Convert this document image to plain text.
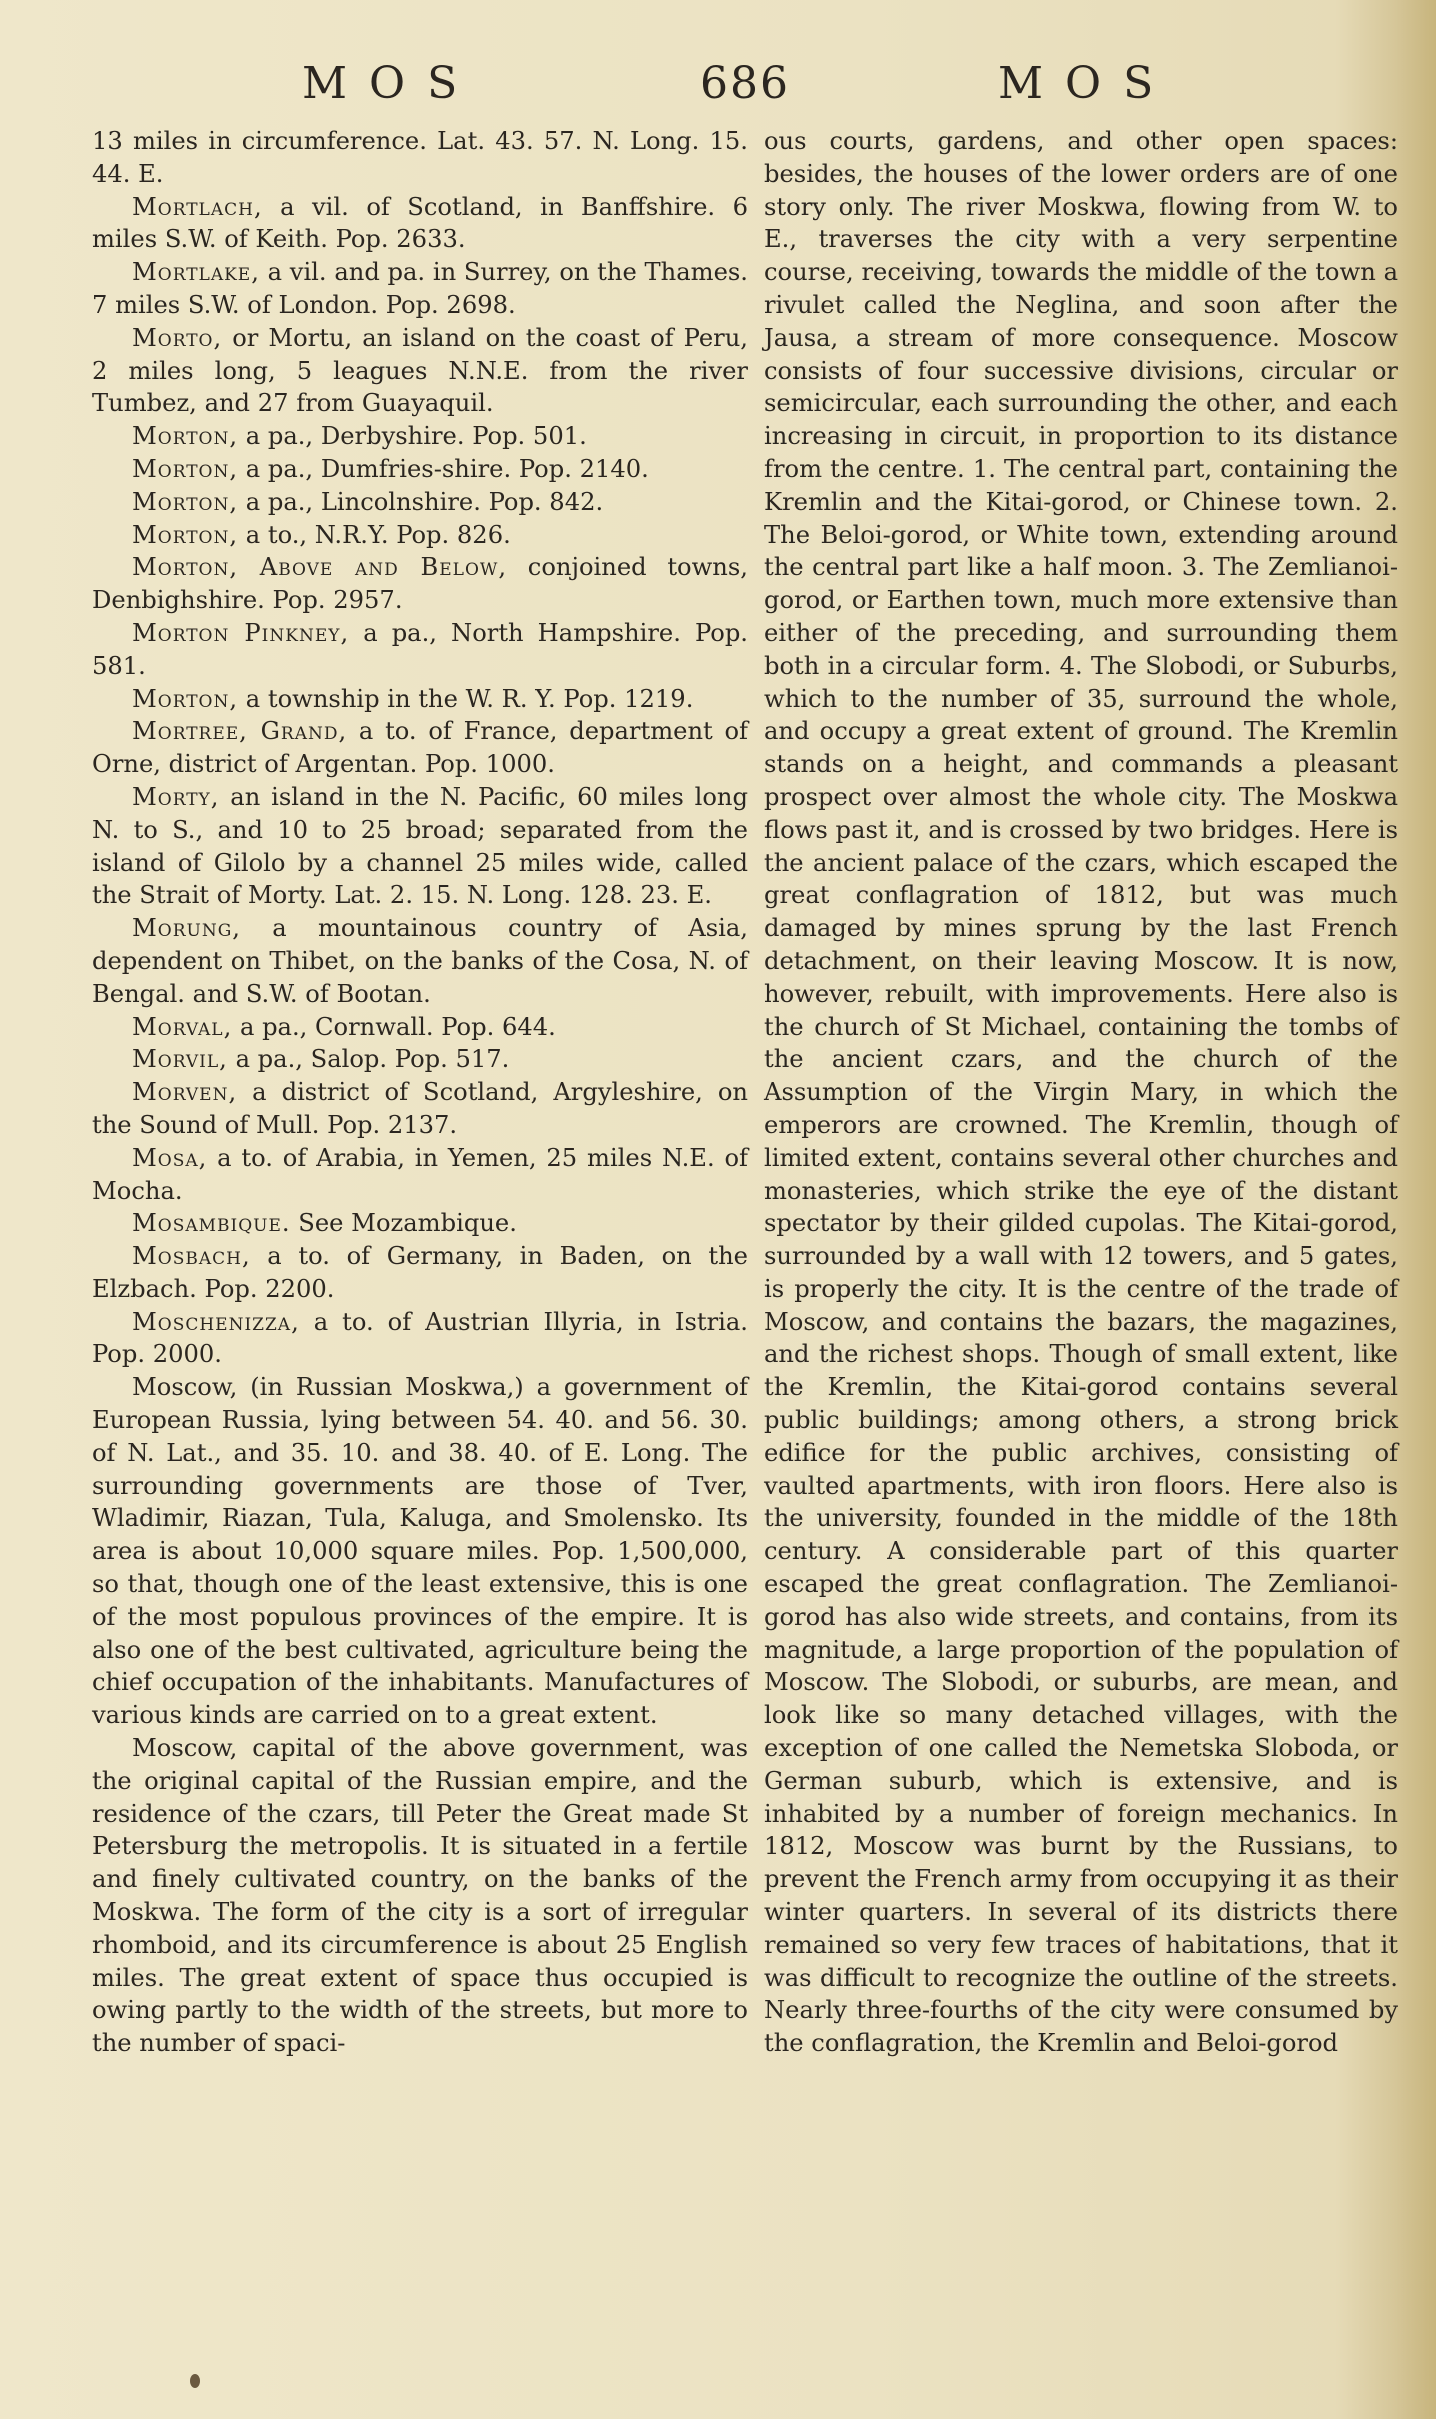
MOS	686	MOS

13 miles in circumference. Lat. 43. 57. N. Long. 15. 44. E.

Mortlach, a vil. of Scotland, in Banffshire. 6 miles S.W. of Keith. Pop. 2633.

Mortlake, a vil. and pa. in Surrey, on the Thames. 7 miles S.W. of London. Pop. 2698.

Morto, or Mortu, an island on the coast of Peru, 2 miles long, 5 leagues N.N.E. from the river Tumbez, and 27 from Guayaquil.

Morton, a pa., Derbyshire. Pop. 501.

Morton, a pa., Dumfries-shire. Pop. 2140.

Morton, a pa., Lincolnshire. Pop. 842.

Morton, a to., N.R.Y. Pop. 826.

Morton, Above and Below, conjoined towns, Denbighshire. Pop. 2957.

Morton Pinkney, a pa., North Hampshire. Pop. 581.

Morton, a township in the W. R. Y. Pop. 1219.

Mortree, Grand, a to. of France, department of Orne, district of Argentan. Pop. 1000.

Morty, an island in the N. Pacific, 60 miles long N. to S., and 10 to 25 broad; separated from the island of Gilolo by a channel 25 miles wide, called the Strait of Morty. Lat. 2. 15. N. Long. 128. 23. E.

Morung, a mountainous country of Asia, dependent on Thibet, on the banks of the Cosa, N. of Bengal. and S.W. of Bootan.

Morval, a pa., Cornwall. Pop. 644.

Morvil, a pa., Salop. Pop. 517.

Morven, a district of Scotland, Argyleshire, on the Sound of Mull. Pop. 2137.

Mosa, a to. of Arabia, in Yemen, 25 miles N.E. of Mocha.

Mosambique. See Mozambique.

Mosbach, a to. of Germany, in Baden, on the Elzbach. Pop. 2200.

Moschenizza, a to. of Austrian Illyria, in Istria. Pop. 2000.

Moscow, (in Russian Moskwa,) a government of European Russia, lying between 54. 40. and 56. 30. of N. Lat., and 35. 10. and 38. 40. of E. Long. The surrounding governments are those of Tver, Wladimir, Riazan, Tula, Kaluga, and Smolensko. Its area is about 10,000 square miles. Pop. 1,500,000, so that, though one of the least extensive, this is one of the most populous provinces of the empire. It is also one of the best cultivated, agriculture being the chief occupation of the inhabitants. Manufactures of various kinds are carried on to a great extent.

Moscow, capital of the above government, was the original capital of the Russian empire, and the residence of the czars, till Peter the Great made St Petersburg the metropolis. It is situated in a fertile and finely cultivated country, on the banks of the Moskwa. The form of the city is a sort of irregular rhomboid, and its circumference is about 25 English miles. The great extent of space thus occupied is owing partly to the width of the streets, but more to the number of spaci-

ous courts, gardens, and other open spaces: besides, the houses of the lower orders are of one story only. The river Moskwa, flowing from W. to E., traverses the city with a very serpentine course, receiving, towards the middle of the town a rivulet called the Neglina, and soon after the Jausa, a stream of more consequence. Moscow consists of four successive divisions, circular or semicircular, each surrounding the other, and each increasing in circuit, in proportion to its distance from the centre. 1. The central part, containing the Kremlin and the Kitai-gorod, or Chinese town. 2. The Beloi-gorod, or White town, extending around the central part like a half moon. 3. The Zemlianoi-gorod, or Earthen town, much more extensive than either of the preceding, and surrounding them both in a circular form. 4. The Slobodi, or Suburbs, which to the number of 35, surround the whole, and occupy a great extent of ground. The Kremlin stands on a height, and commands a pleasant prospect over almost the whole city. The Moskwa flows past it, and is crossed by two bridges. Here is the ancient palace of the czars, which escaped the great conflagration of 1812, but was much damaged by mines sprung by the last French detachment, on their leaving Moscow. It is now, however, rebuilt, with improvements. Here also is the church of St Michael, containing the tombs of the ancient czars, and the church of the Assumption of the Virgin Mary, in which the emperors are crowned. The Kremlin, though of limited extent, contains several other churches and monasteries, which strike the eye of the distant spectator by their gilded cupolas. The Kitai-gorod, surrounded by a wall with 12 towers, and 5 gates, is properly the city. It is the centre of the trade of Moscow, and contains the bazars, the magazines, and the richest shops. Though of small extent, like the Kremlin, the Kitai-gorod contains several public buildings; among others, a strong brick edifice for the public archives, consisting of vaulted apartments, with iron floors. Here also is the university, founded in the middle of the 18th century. A considerable part of this quarter escaped the great conflagration. The Zemlianoi-gorod has also wide streets, and contains, from its magnitude, a large proportion of the population of Moscow. The Slobodi, or suburbs, are mean, and look like so many detached villages, with the exception of one called the Nemetska Sloboda, or German suburb, which is extensive, and is inhabited by a number of foreign mechanics. In 1812, Moscow was burnt by the Russians, to prevent the French army from occupying it as their winter quarters. In several of its districts there remained so very few traces of habitations, that it was difficult to recognize the outline of the streets. Nearly three-fourths of the city were consumed by the conflagration, the Kremlin and Beloi-gorod
